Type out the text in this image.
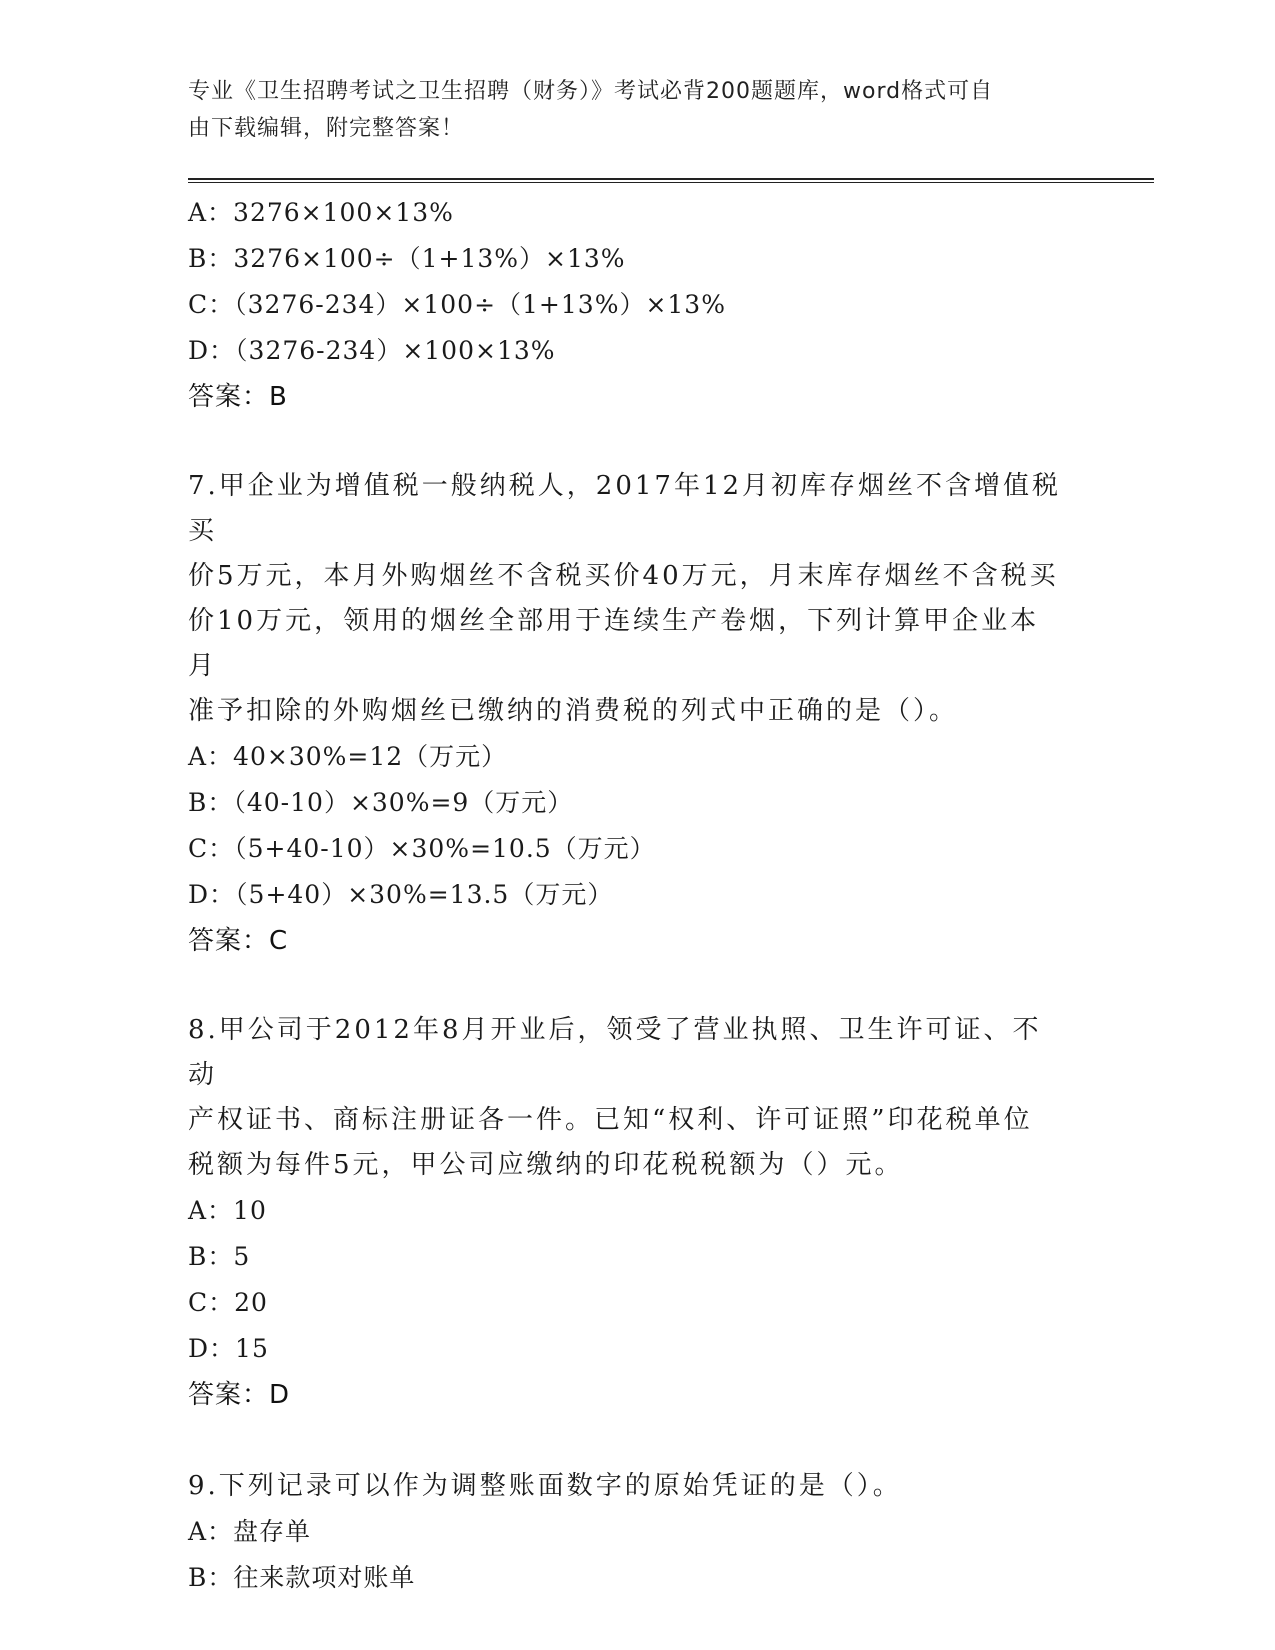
专业《卫生招聘考试之卫生招聘（财务）》考试必背200题题库，word格式可自
由下载编辑，附完整答案！
A：3276×100×13%
B：3276×100÷（1+13%）×13%
C：（3276-234）×100÷（1+13%）×13%
D：（3276-234）×100×13%
答案：B
7.甲企业为增值税一般纳税人，2017年12月初库存烟丝不含增值税买
价5万元，本月外购烟丝不含税买价40万元，月末库存烟丝不含税买
价10万元，领用的烟丝全部用于连续生产卷烟，下列计算甲企业本月
准予扣除的外购烟丝已缴纳的消费税的列式中正确的是（）。
A：40×30%=12（万元）
B：（40-10）×30%=9（万元）
C：（5+40-10）×30%=10.5（万元）
D：（5+40）×30%=13.5（万元）
答案：C
8.甲公司于2012年8月开业后，领受了营业执照、卫生许可证、不动
产权证书、商标注册证各一件。已知“权利、许可证照”印花税单位
税额为每件5元，甲公司应缴纳的印花税税额为（）元。
A：10
B：5
C：20
D：15
答案：D
9.下列记录可以作为调整账面数字的原始凭证的是（）。
A：盘存单
B：往来款项对账单
